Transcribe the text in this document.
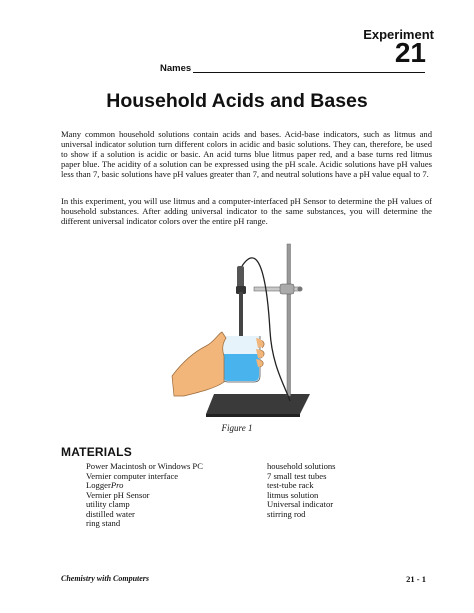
Experiment
21
Names
Household Acids and Bases
Many common household solutions contain acids and bases. Acid-base indicators, such as litmus and universal indicator solution turn different colors in acidic and basic solutions. They can, therefore, be used to show if a solution is acidic or basic. An acid turns blue litmus paper red, and a base turns red litmus paper blue. The acidity of a solution can be expressed using the pH scale. Acidic solutions have pH values less than 7, basic solutions have pH values greater than 7, and neutral solutions have a pH value equal to 7.
In this experiment, you will use litmus and a computer-interfaced pH Sensor to determine the pH values of household substances. After adding universal indicator to the same substances, you will determine the different universal indicator colors over the entire pH range.
Figure 1
MATERIALS
Power Macintosh or Windows PC
Vernier computer interface
LoggerPro
Vernier pH Sensor
utility clamp
distilled water
ring stand
household solutions
7 small test tubes
test-tube rack
litmus solution
Universal indicator
stirring rod
Chemistry with Computers	21 - 1
